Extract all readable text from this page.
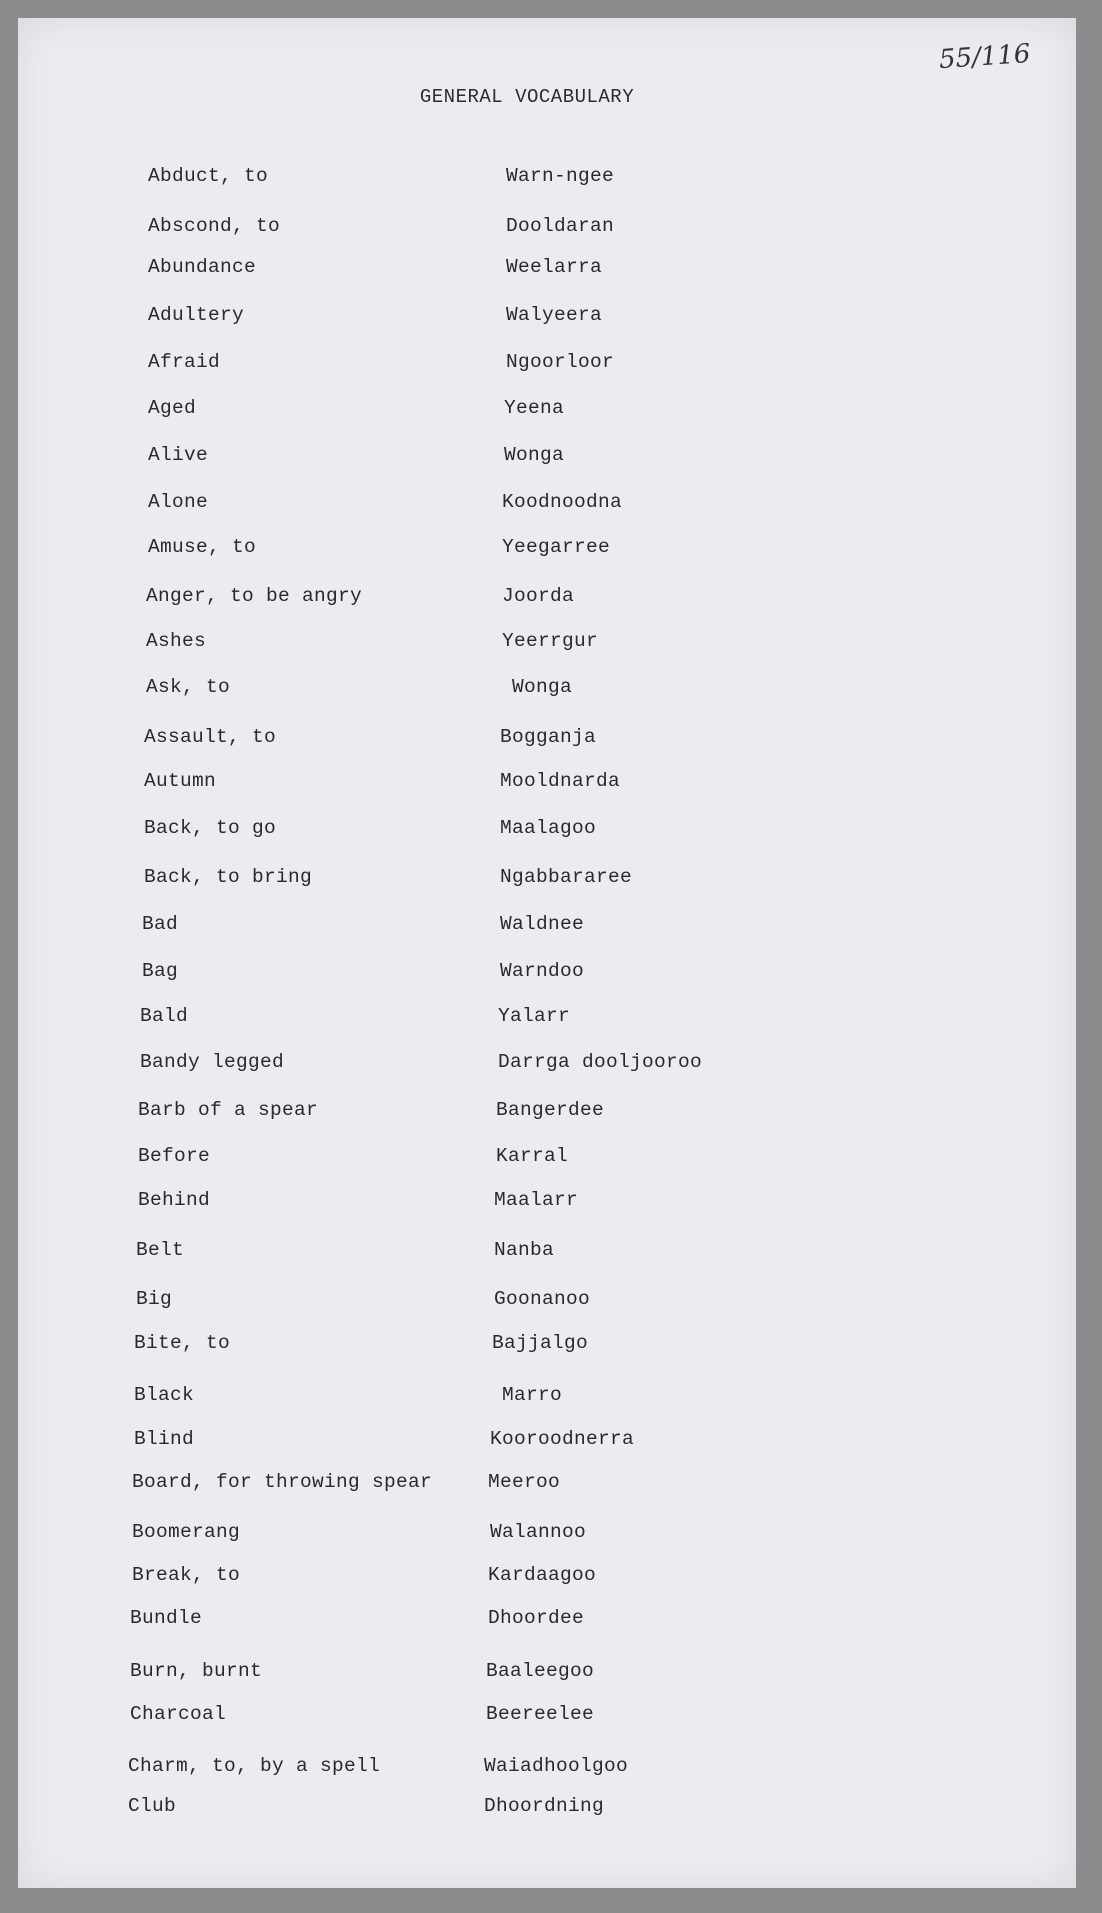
55/116
GENERAL VOCABULARY
Abduct, to	Warn-ngee
Abscond, to	Dooldaran
Abundance	Weelarra
Adultery	Walyeera
Afraid	Ngoorloor
Aged	Yeena
Alive	Wonga
Alone	Koodnoodna
Amuse, to	Yeegarree
Anger, to be angry	Joorda
Ashes	Yeerrgur
Ask, to	Wonga
Assault, to	Bogganja
Autumn	Mooldnarda
Back, to go	Maalagoo
Back, to bring	Ngabbararee
Bad	Waldnee
Bag	Warndoo
Bald	Yalarr
Bandy legged	Darrga dooljooroo
Barb of a spear	Bangerdee
Before	Karral
Behind	Maalarr
Belt	Nanba
Big	Goonanoo
Bite, to	Bajjalgo
Black	Marro
Blind	Kooroodnerra
Board, for throwing spear	Meeroo
Boomerang	Walannoo
Break, to	Kardaagoo
Bundle	Dhoordee
Burn, burnt	Baaleegoo
Charcoal	Beereelee
Charm, to, by a spell	Waiadhoolgoo
Club	Dhoordning
